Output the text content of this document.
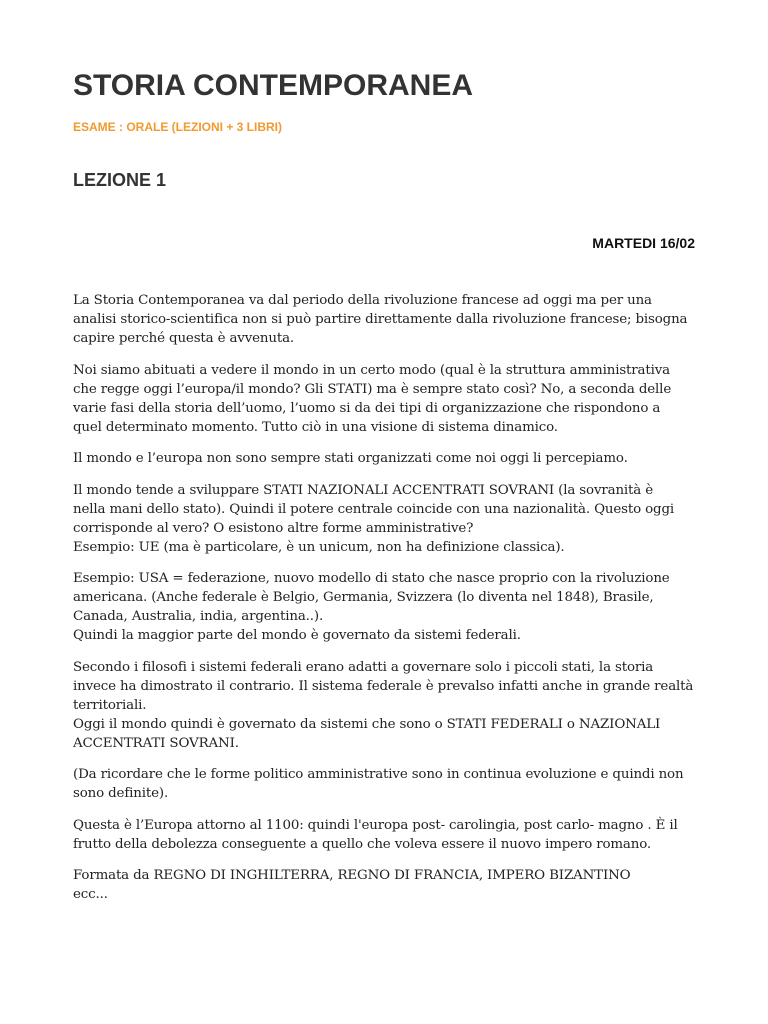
STORIA CONTEMPORANEA
ESAME : ORALE (LEZIONI + 3 LIBRI)
LEZIONE 1
MARTEDI 16/02

La Storia Contemporanea va dal periodo della rivoluzione francese ad oggi ma per una
analisi storico-scientifica non si può partire direttamente dalla rivoluzione francese; bisogna
capire perché questa è avvenuta.

Noi siamo abituati a vedere il mondo in un certo modo (qual è la struttura amministrativa
che regge oggi l’europa/il mondo? Gli STATI) ma è sempre stato così? No, a seconda delle
varie fasi della storia dell’uomo, l’uomo si da dei tipi di organizzazione che rispondono a
quel determinato momento. Tutto ciò in una visione di sistema dinamico.

Il mondo e l’europa non sono sempre stati organizzati come noi oggi li percepiamo.

Il mondo tende a sviluppare STATI NAZIONALI ACCENTRATI SOVRANI (la sovranità è
nella mani dello stato). Quindi il potere centrale coincide con una nazionalità. Questo oggi
corrisponde al vero? O esistono altre forme amministrative?
Esempio: UE (ma è particolare, è un unicum, non ha definizione classica).

Esempio: USA = federazione, nuovo modello di stato che nasce proprio con la rivoluzione
americana. (Anche federale è Belgio, Germania, Svizzera (lo diventa nel 1848), Brasile,
Canada, Australia, india, argentina..).
Quindi la maggior parte del mondo è governato da sistemi federali.

Secondo i filosofi i sistemi federali erano adatti a governare solo i piccoli stati, la storia
invece ha dimostrato il contrario. Il sistema federale è prevalso infatti anche in grande realtà
territoriali.
Oggi il mondo quindi è governato da sistemi che sono o STATI FEDERALI o NAZIONALI
ACCENTRATI SOVRANI.

(Da ricordare che le forme politico amministrative sono in continua evoluzione e quindi non
sono definite).

Questa è l’Europa attorno al 1100: quindi l'europa post- carolingia, post carlo- magno . È il
frutto della debolezza conseguente a quello che voleva essere il nuovo impero romano.

Formata da REGNO DI INGHILTERRA, REGNO DI FRANCIA, IMPERO BIZANTINO
ecc...
